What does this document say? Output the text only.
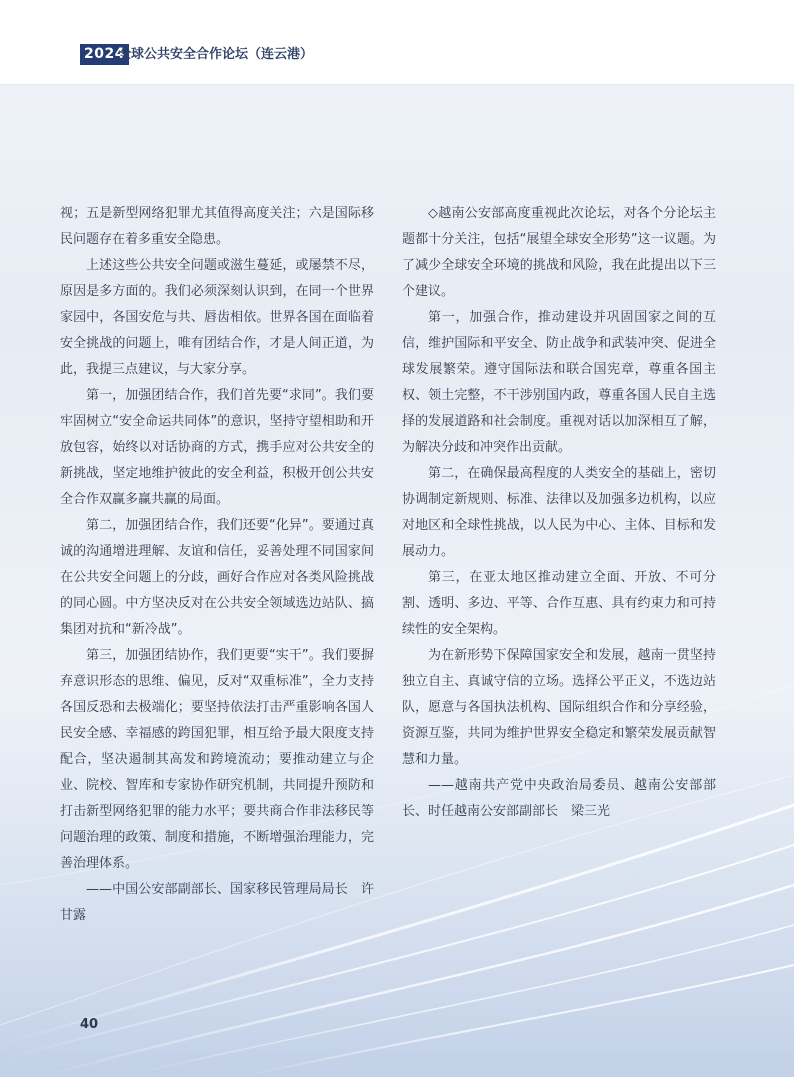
2024
全球公共安全合作论坛（连云港）

视；五是新型网络犯罪尤其值得高度关注；六是国际移民问题存在着多重安全隐患。

上述这些公共安全问题或滋生蔓延，或屡禁不尽，原因是多方面的。我们必须深刻认识到，在同一个世界家园中，各国安危与共、唇齿相依。世界各国在面临着安全挑战的问题上，唯有团结合作，才是人间正道，为此，我提三点建议，与大家分享。

第一，加强团结合作，我们首先要“求同”。我们要牢固树立“安全命运共同体”的意识，坚持守望相助和开放包容，始终以对话协商的方式，携手应对公共安全的新挑战，坚定地维护彼此的安全利益，积极开创公共安全合作双赢多赢共赢的局面。

第二，加强团结合作，我们还要“化异”。要通过真诚的沟通增进理解、友谊和信任，妥善处理不同国家间在公共安全问题上的分歧，画好合作应对各类风险挑战的同心圆。中方坚决反对在公共安全领域选边站队、搞集团对抗和“新冷战”。

第三，加强团结协作，我们更要“实干”。我们要摒弃意识形态的思维、偏见，反对“双重标准”，全力支持各国反恐和去极端化；要坚持依法打击严重影响各国人民安全感、幸福感的跨国犯罪，相互给予最大限度支持配合，坚决遏制其高发和跨境流动；要推动建立与企业、院校、智库和专家协作研究机制，共同提升预防和打击新型网络犯罪的能力水平；要共商合作非法移民等问题治理的政策、制度和措施，不断增强治理能力，完善治理体系。

——中国公安部副部长、国家移民管理局局长　许甘露

◇越南公安部高度重视此次论坛，对各个分论坛主题都十分关注，包括“展望全球安全形势”这一议题。为了减少全球安全环境的挑战和风险，我在此提出以下三个建议。

第一，加强合作，推动建设并巩固国家之间的互信，维护国际和平安全、防止战争和武装冲突、促进全球发展繁荣。遵守国际法和联合国宪章，尊重各国主权、领土完整，不干涉别国内政，尊重各国人民自主选择的发展道路和社会制度。重视对话以加深相互了解，为解决分歧和冲突作出贡献。

第二，在确保最高程度的人类安全的基础上，密切协调制定新规则、标准、法律以及加强多边机构，以应对地区和全球性挑战，以人民为中心、主体、目标和发展动力。

第三，在亚太地区推动建立全面、开放、不可分割、透明、多边、平等、合作互惠、具有约束力和可持续性的安全架构。

为在新形势下保障国家安全和发展，越南一贯坚持独立自主、真诚守信的立场。选择公平正义，不选边站队，愿意与各国执法机构、国际组织合作和分享经验，资源互鉴，共同为维护世界安全稳定和繁荣发展贡献智慧和力量。

——越南共产党中央政治局委员、越南公安部部长、时任越南公安部副部长　梁三光

40
